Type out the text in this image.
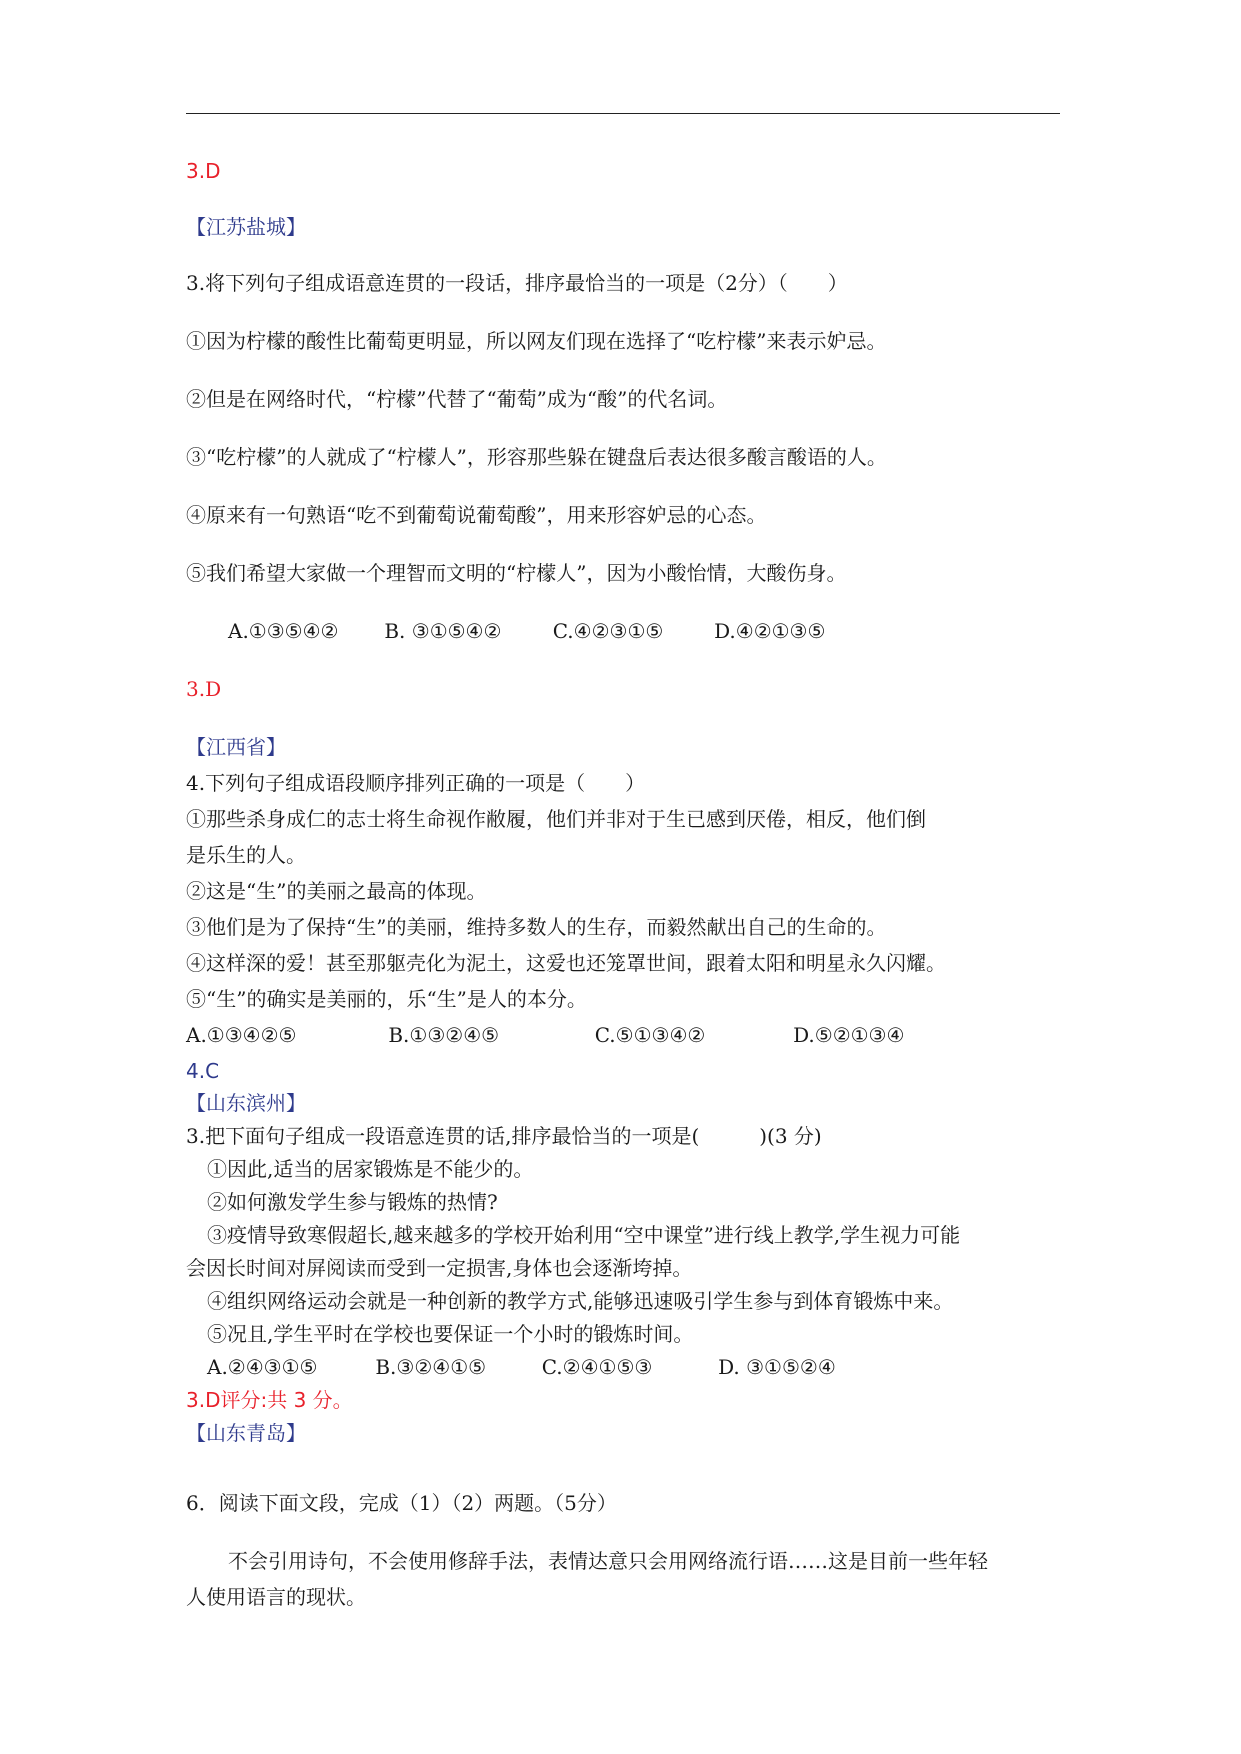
3.D
【江苏盐城】
3.将下列句子组成语意连贯的一段话，排序最恰当的一项是（2分）（　　）
①因为柠檬的酸性比葡萄更明显，所以网友们现在选择了“吃柠檬”来表示妒忌。
②但是在网络时代，“柠檬”代替了“葡萄”成为“酸”的代名词。
③“吃柠檬”的人就成了“柠檬人”，形容那些躲在键盘后表达很多酸言酸语的人。
④原来有一句熟语“吃不到葡萄说葡萄酸”，用来形容妒忌的心态。
⑤我们希望大家做一个理智而文明的“柠檬人”，因为小酸怡情，大酸伤身。
A.①③⑤④② B. ③①⑤④②	C.④②③①⑤	D.④②①③⑤
3.D
【江西省】
4.下列句子组成语段顺序排列正确的一项是（　　）
①那些杀身成仁的志士将生命视作敝履，他们并非对于生已感到厌倦，相反，他们倒
是乐生的人。
②这是“生”的美丽之最高的体现。
③他们是为了保持“生”的美丽，维持多数人的生存，而毅然献出自己的生命的。
④这样深的爱！甚至那躯壳化为泥土，这爱也还笼罩世间，跟着太阳和明星永久闪耀。
⑤“生”的确实是美丽的，乐“生”是人的本分。
A.①③④②⑤	B.①③②④⑤	C.⑤①③④②	D.⑤②①③④
4.C
【山东滨州】
3.把下面句子组成一段语意连贯的话,排序最恰当的一项是(　　　)(3 分)
①因此,适当的居家锻炼是不能少的。
②如何激发学生参与锻炼的热情?
③疫情导致寒假超长,越来越多的学校开始利用“空中课堂”进行线上教学,学生视力可能
会因长时间对屏阅读而受到一定损害,身体也会逐渐垮掉。
④组织网络运动会就是一种创新的教学方式,能够迅速吸引学生参与到体育锻炼中来。
⑤况且,学生平时在学校也要保证一个小时的锻炼时间。
A.②④③①⑤	B.③②④①⑤	C.②④①⑤③	D. ③①⑤②④
3.D评分:共 3 分。
【山东青岛】
6．阅读下面文段，完成（1）（2）两题。（5分）
不会引用诗句，不会使用修辞手法，表情达意只会用网络流行语……这是目前一些年轻
人使用语言的现状。
